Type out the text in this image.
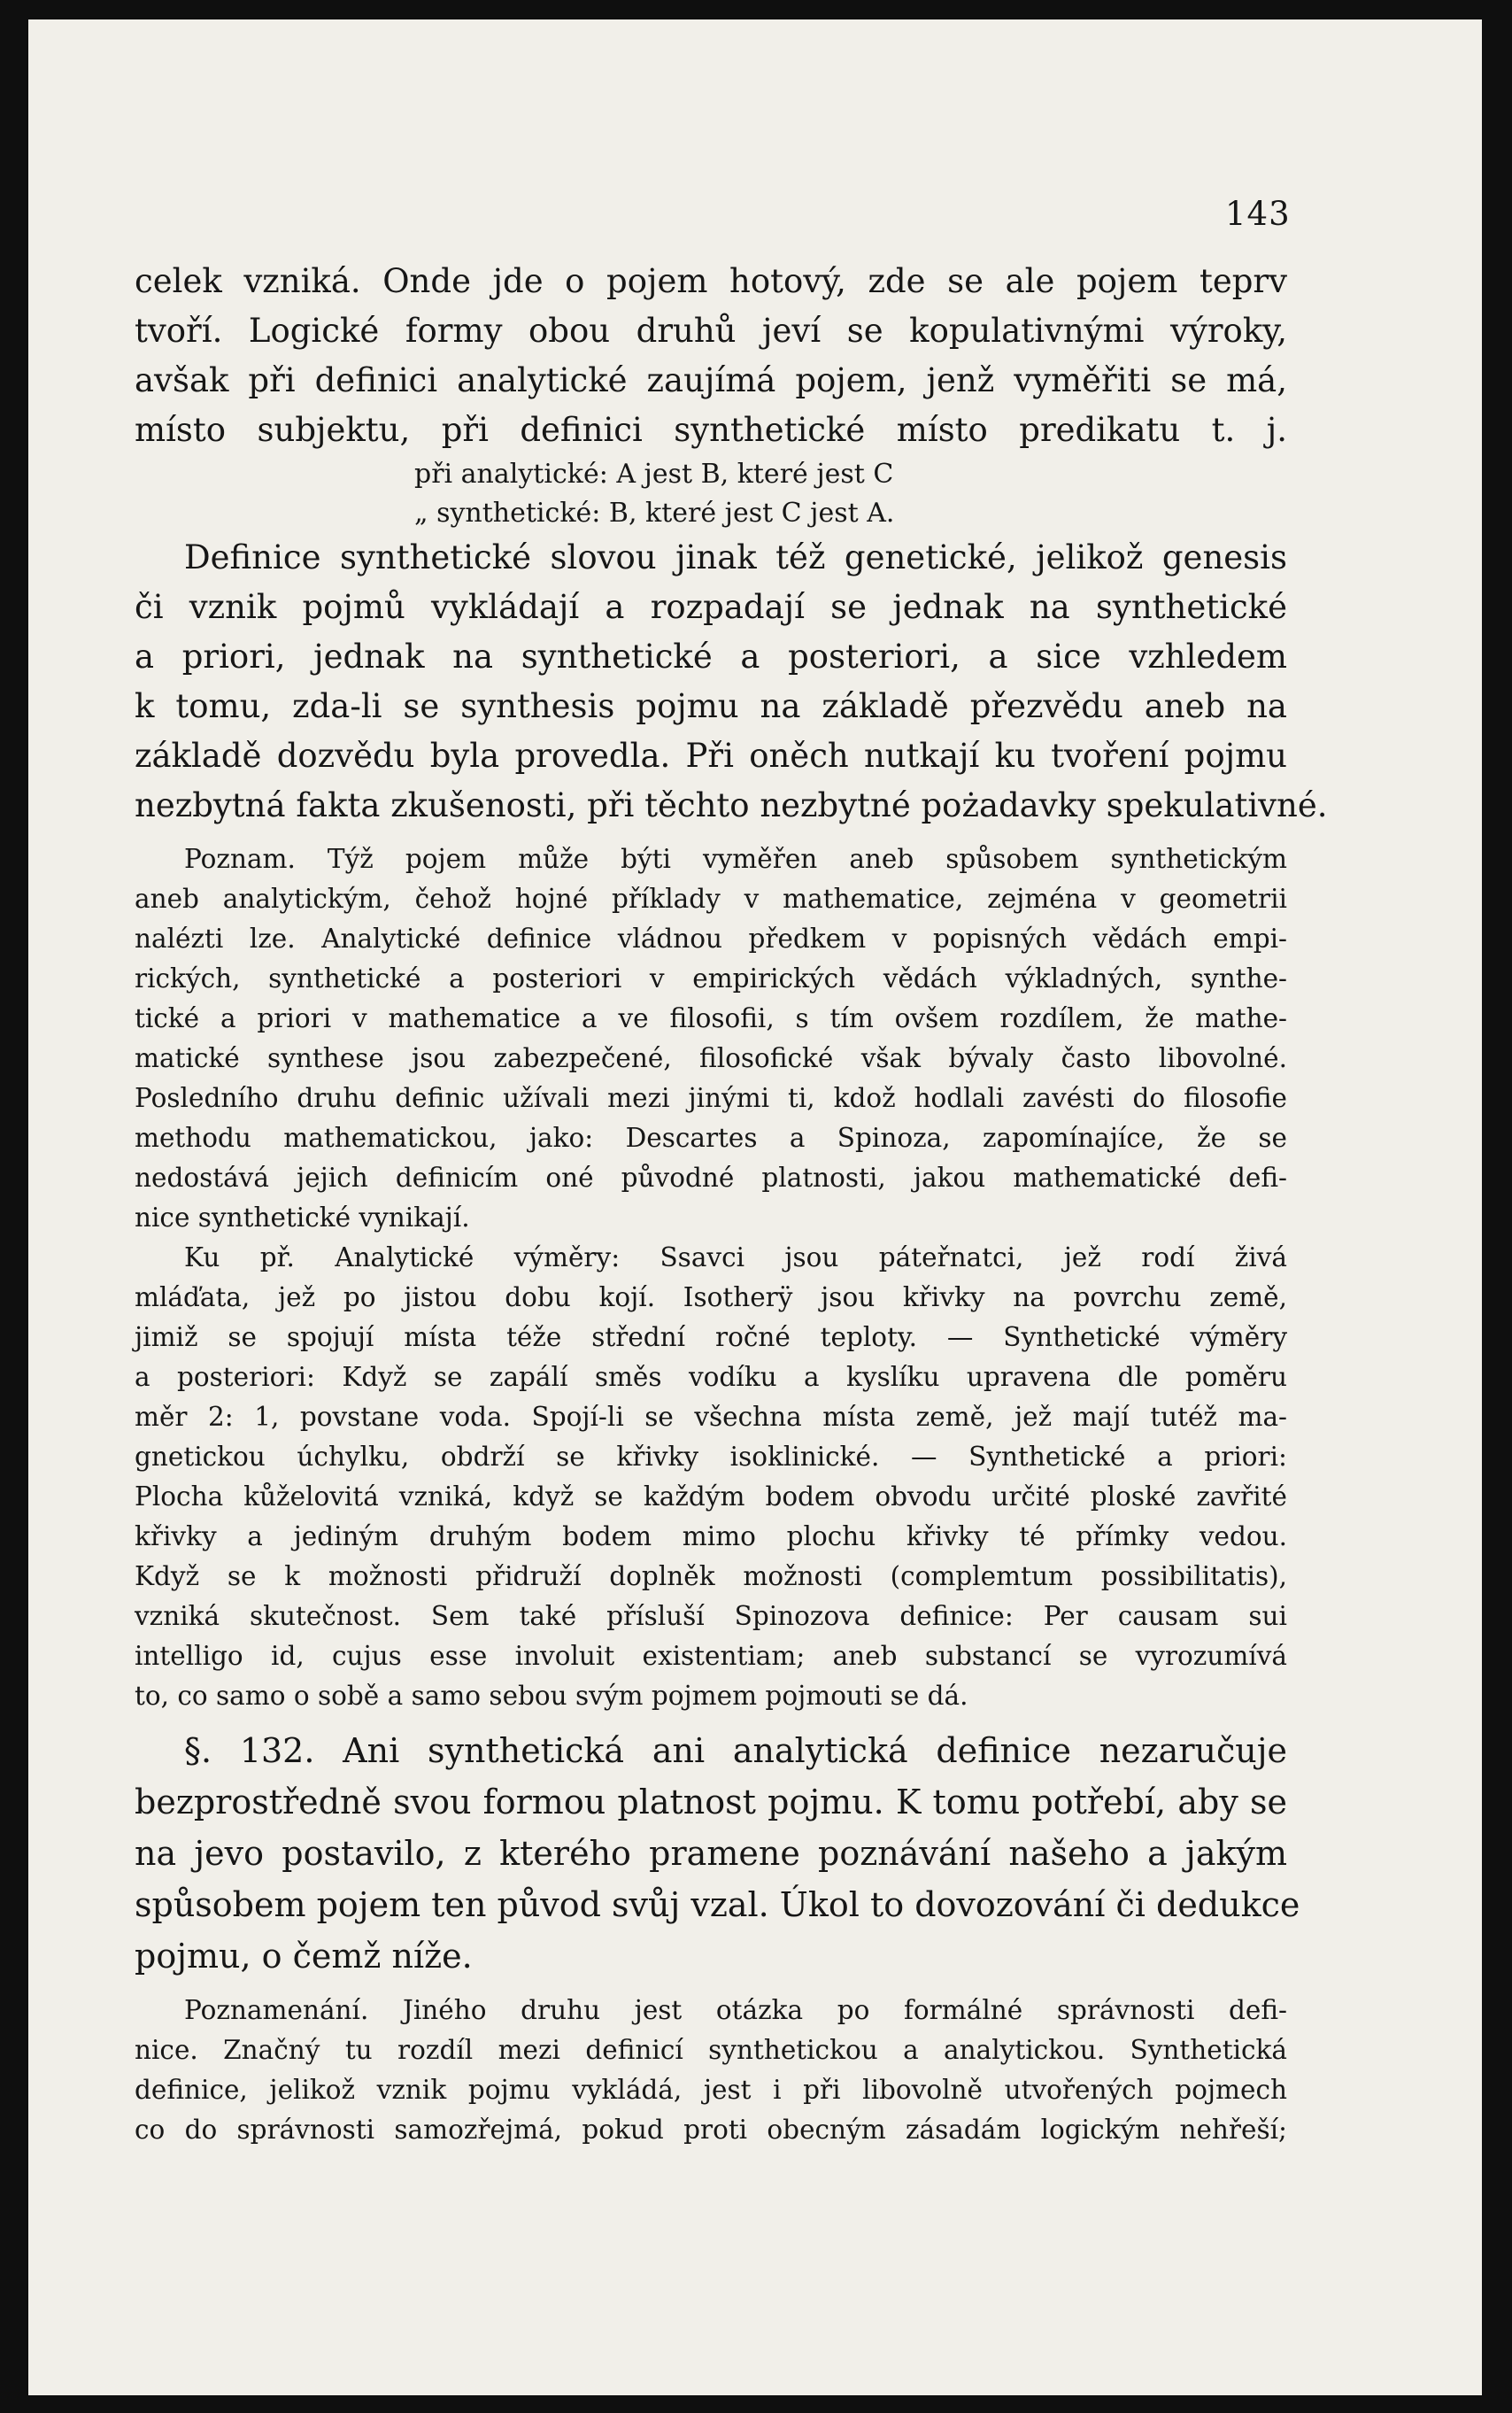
143
celek vzniká. Onde jde o pojem hotový, zde se ale pojem teprv
tvoří. Logické formy obou druhů jeví se kopulativnými výroky,
avšak při definici analytické zaujímá pojem, jenž vyměřiti se má,
místo subjektu, při definici synthetické místo predikatu t. j.
při analytické: A jest B, které jest C
„ synthetické: B, které jest C jest A.
Definice synthetické slovou jinak též genetické, jelikož genesis
či vznik pojmů vykládají a rozpadají se jednak na synthetické
a priori, jednak na synthetické a posteriori, a sice vzhledem
k tomu, zda-li se synthesis pojmu na základě přezvědu aneb na
základě dozvědu byla provedla. Při oněch nutkají ku tvoření pojmu
nezbytná fakta zkušenosti, při těchto nezbytné pożadavky spekulativné.
Poznam. Týž pojem může býti vyměřen aneb spůsobem synthetickým
aneb analytickým, čehož hojné příklady v mathematice, zejména v geometrii
nalézti lze. Analytické definice vládnou předkem v popisných vědách empi-
rických, synthetické a posteriori v empirických vědách výkladných, synthe-
tické a priori v mathematice a ve filosofii, s tím ovšem rozdílem, že mathe-
matické synthese jsou zabezpečené, filosofické však bývaly často libovolné.
Posledního druhu definic užívali mezi jinými ti, kdož hodlali zavésti do filosofie
methodu mathematickou, jako: Descartes a Spinoza, zapomínajíce, že se
nedostává jejich definicím oné původné platnosti, jakou mathematické defi-
nice synthetické vynikají.
Ku př. Analytické výměry: Ssavci jsou páteřnatci, jež rodí živá
mláďata, jež po jistou dobu kojí. Isotherÿ jsou křivky na povrchu země,
jimiž se spojují místa téže střední ročné teploty. — Synthetické výměry
a posteriori: Když se zapálí směs vodíku a kyslíku upravena dle poměru
měr 2: 1, povstane voda. Spojí-li se všechna místa země, jež mají tutéž ma-
gnetickou úchylku, obdrží se křivky isoklinické. — Synthetické a priori:
Plocha kůželovitá vzniká, když se každým bodem obvodu určité ploské zavřité
křivky a jediným druhým bodem mimo plochu křivky té přímky vedou.
Když se k možnosti přidruží doplněk možnosti (complemtum possibilitatis),
vzniká skutečnost. Sem také přísluší Spinozova definice: Per causam sui
intelligo id, cujus esse involuit existentiam; aneb substancí se vyrozumívá
to, co samo o sobě a samo sebou svým pojmem pojmouti se dá.
§. 132. Ani synthetická ani analytická definice nezaručuje
bezprostředně svou formou platnost pojmu. K tomu potřebí, aby se
na jevo postavilo, z kterého pramene poznávání našeho a jakým
spůsobem pojem ten původ svůj vzal. Úkol to dovozování či dedukce
pojmu, o čemž níže.
Poznamenání. Jiného druhu jest otázka po formálné správnosti defi-
nice. Značný tu rozdíl mezi definicí synthetickou a analytickou. Synthetická
definice, jelikož vznik pojmu vykládá, jest i při libovolně utvořených pojmech
co do správnosti samozřejmá, pokud proti obecným zásadám logickým nehřeší;
